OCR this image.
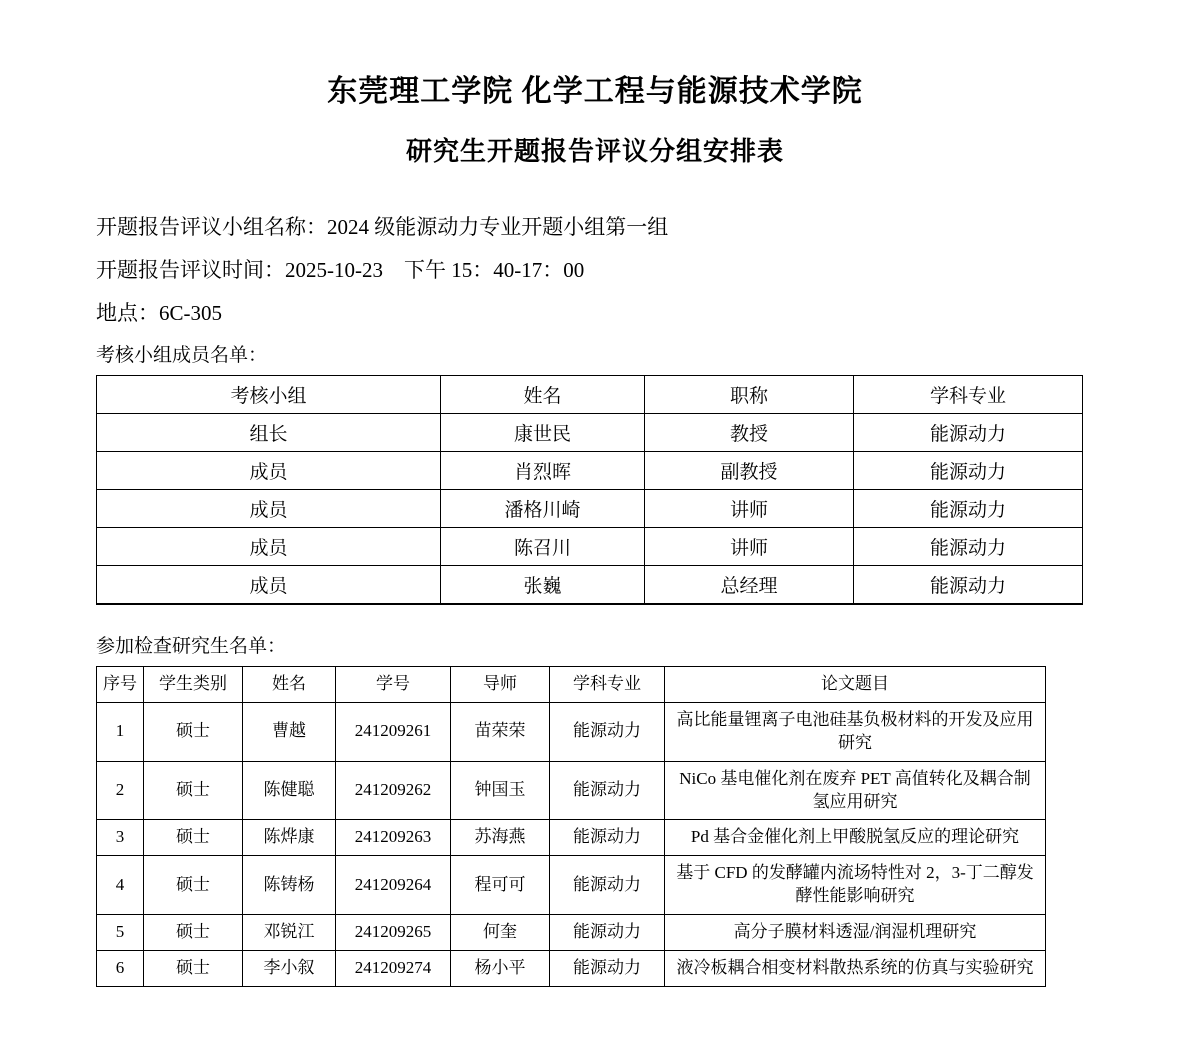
东莞理工学院 化学工程与能源技术学院
研究生开题报告评议分组安排表
开题报告评议小组名称：2024 级能源动力专业开题小组第一组
开题报告评议时间：2025-10-23    下午 15：40-17：00
地点：6C-305
考核小组成员名单：
考核小组	姓名	职称	学科专业
组长	康世民	教授	能源动力
成员	肖烈晖	副教授	能源动力
成员	潘格川崎	讲师	能源动力
成员	陈召川	讲师	能源动力
成员	张巍	总经理	能源动力
参加检查研究生名单：
序号	学生类别	姓名	学号	导师	学科专业	论文题目
1	硕士	曹越	241209261	苗荣荣	能源动力	高比能量锂离子电池硅基负极材料的开发及应用研究
2	硕士	陈健聪	241209262	钟国玉	能源动力	NiCo 基电催化剂在废弃 PET 高值转化及耦合制氢应用研究
3	硕士	陈烨康	241209263	苏海燕	能源动力	Pd 基合金催化剂上甲酸脱氢反应的理论研究
4	硕士	陈铸杨	241209264	程可可	能源动力	基于 CFD 的发酵罐内流场特性对 2，3-丁二醇发酵性能影响研究
5	硕士	邓锐江	241209265	何奎	能源动力	高分子膜材料透湿/润湿机理研究
6	硕士	李小叙	241209274	杨小平	能源动力	液冷板耦合相变材料散热系统的仿真与实验研究
